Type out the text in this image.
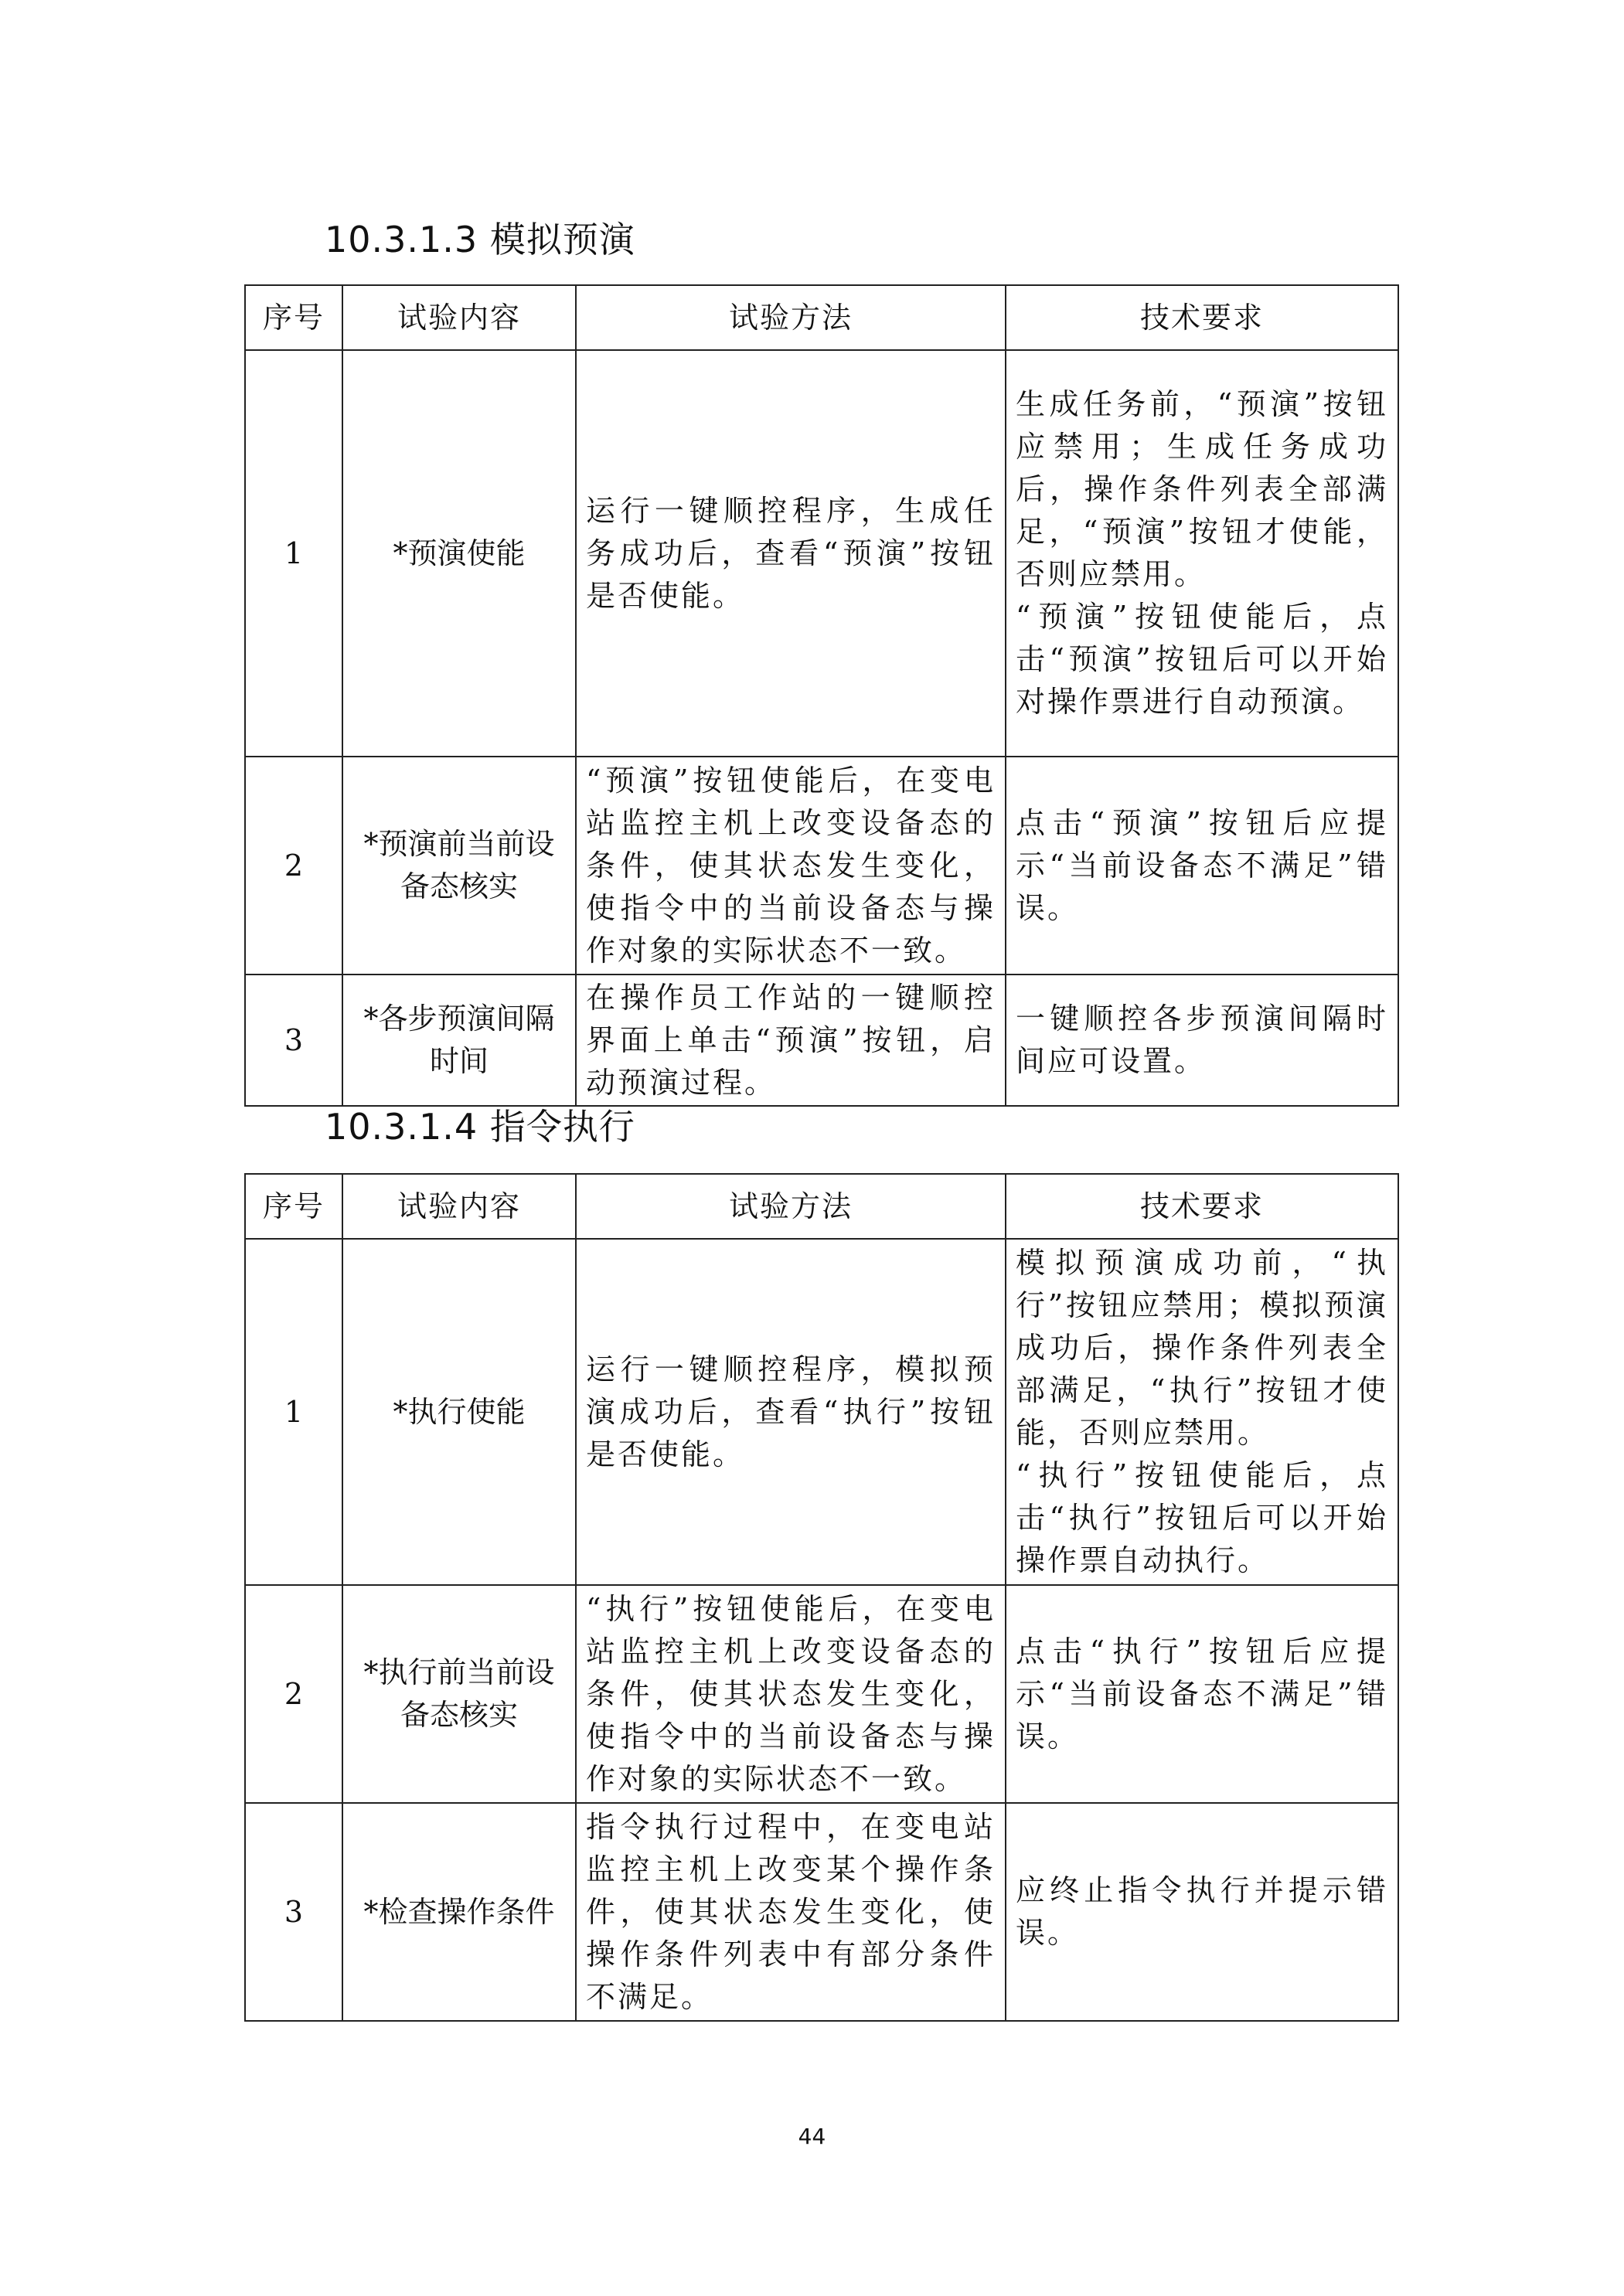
10.3.1.3 模拟预演
序号	试验内容	试验方法	技术要求
1	*预演使能	运行一键顺控程序，生成任务成功后，查看“预演”按钮是否使能。	生成任务前，“预演”按钮应禁用；生成任务成功后，操作条件列表全部满足，“预演”按钮才使能，否则应禁用。
“预演”按钮使能后，点击“预演”按钮后可以开始对操作票进行自动预演。

2	*预演前当前设备态核实	“预演”按钮使能后，在变电站监控主机上改变设备态的条件，使其状态发生变化，使指令中的当前设备态与操作对象的实际状态不一致。	点击“预演”按钮后应提示“当前设备态不满足”错误。

3	*各步预演间隔时间	在操作员工作站的一键顺控界面上单击“预演”按钮，启动预演过程。	一键顺控各步预演间隔时间应可设置。
10.3.1.4 指令执行
序号	试验内容	试验方法	技术要求
1	*执行使能	运行一键顺控程序，模拟预演成功后，查看“执行”按钮是否使能。	模拟预演成功前，“执行”按钮应禁用；模拟预演成功后，操作条件列表全部满足，“执行”按钮才使能，否则应禁用。
“执行”按钮使能后，点击“执行”按钮后可以开始操作票自动执行。

2	*执行前当前设备态核实	“执行”按钮使能后，在变电站监控主机上改变设备态的条件，使其状态发生变化，使指令中的当前设备态与操作对象的实际状态不一致。	点击“执行”按钮后应提示“当前设备态不满足”错误。

3	*检查操作条件	指令执行过程中，在变电站监控主机上改变某个操作条件，使其状态发生变化，使操作条件列表中有部分条件不满足。	应终止指令执行并提示错误。
44
